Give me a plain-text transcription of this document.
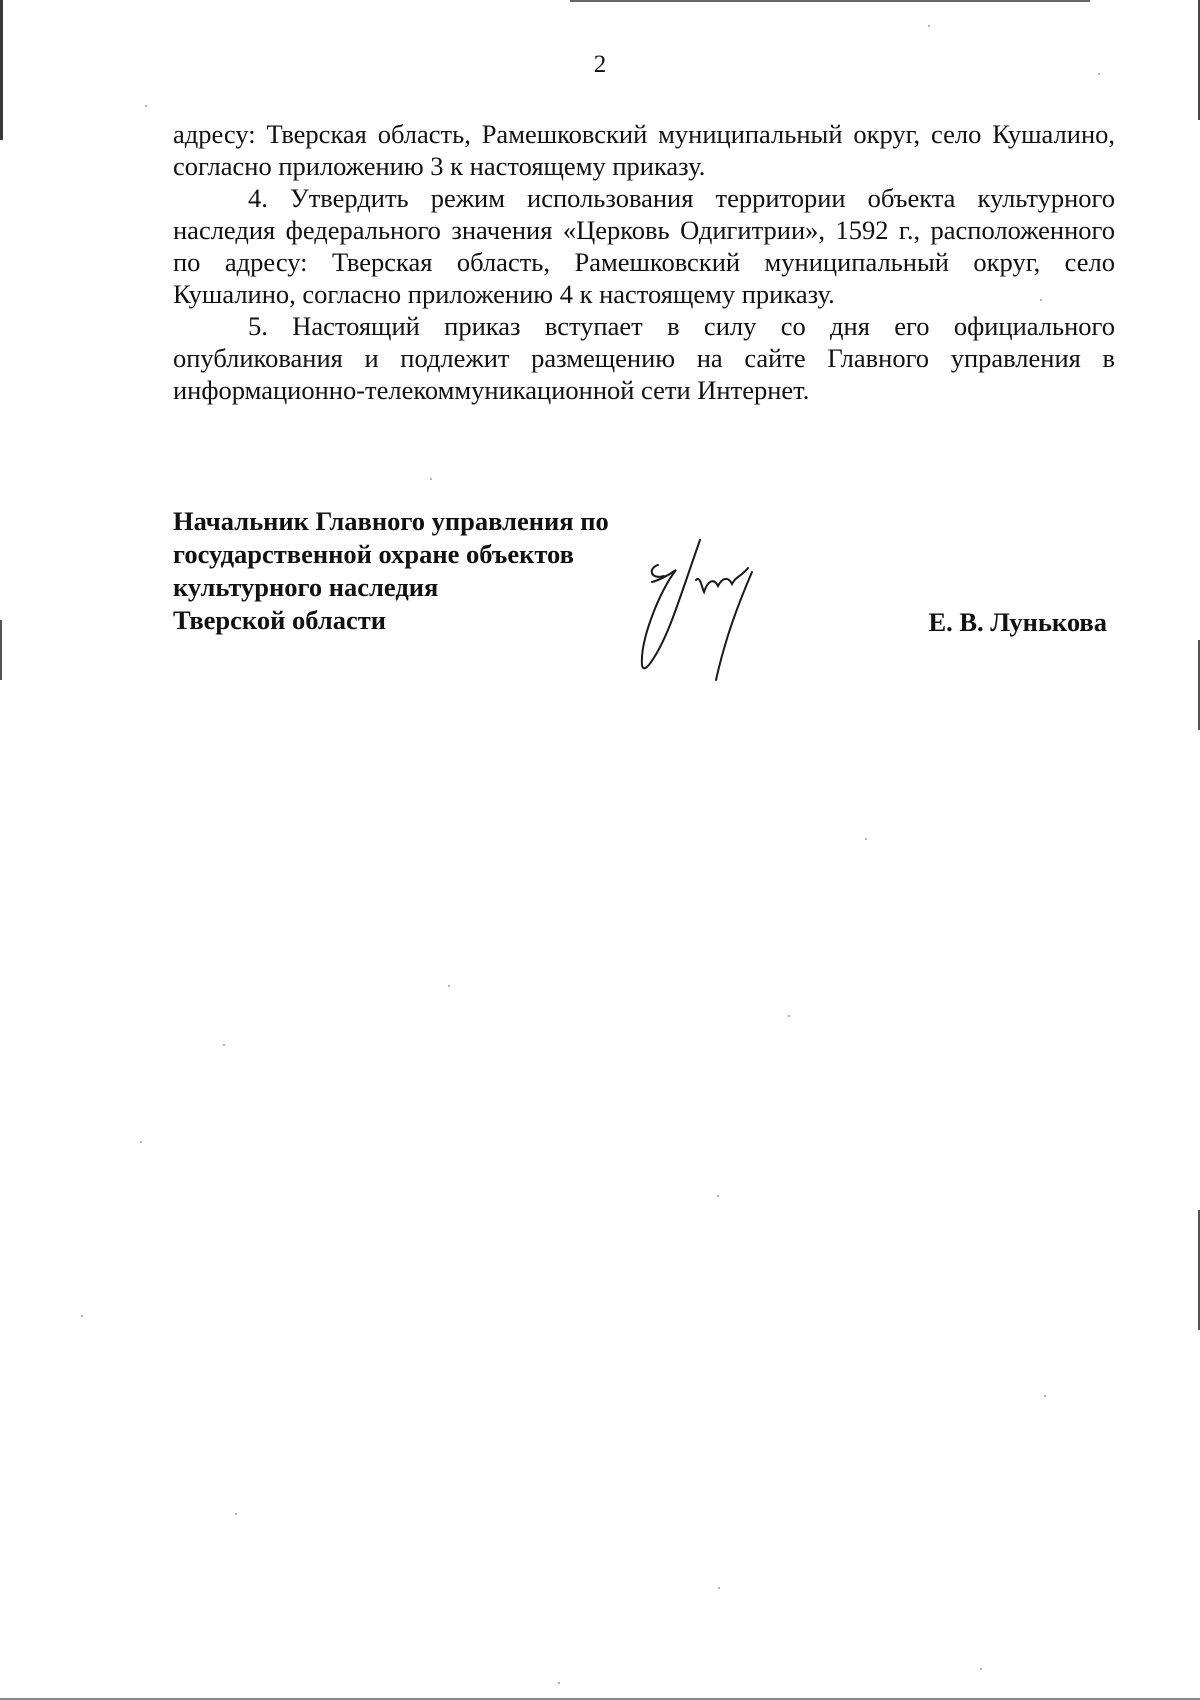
2

адресу: Тверская область, Рамешковский муниципальный округ, село Кушалино, согласно приложению 3 к настоящему приказу.

4. Утвердить режим использования территории объекта культурного наследия федерального значения «Церковь Одигитрии», 1592 г., расположенного по адресу: Тверская область, Рамешковский муниципальный округ, село Кушалино, согласно приложению 4 к настоящему приказу.

5. Настоящий приказ вступает в силу со дня его официального опубликования и подлежит размещению на сайте Главного управления в информационно-телекоммуникационной сети Интернет.

Начальник Главного управления по
государственной охране объектов
культурного наследия
Тверской области	Е. В. Лунькова
